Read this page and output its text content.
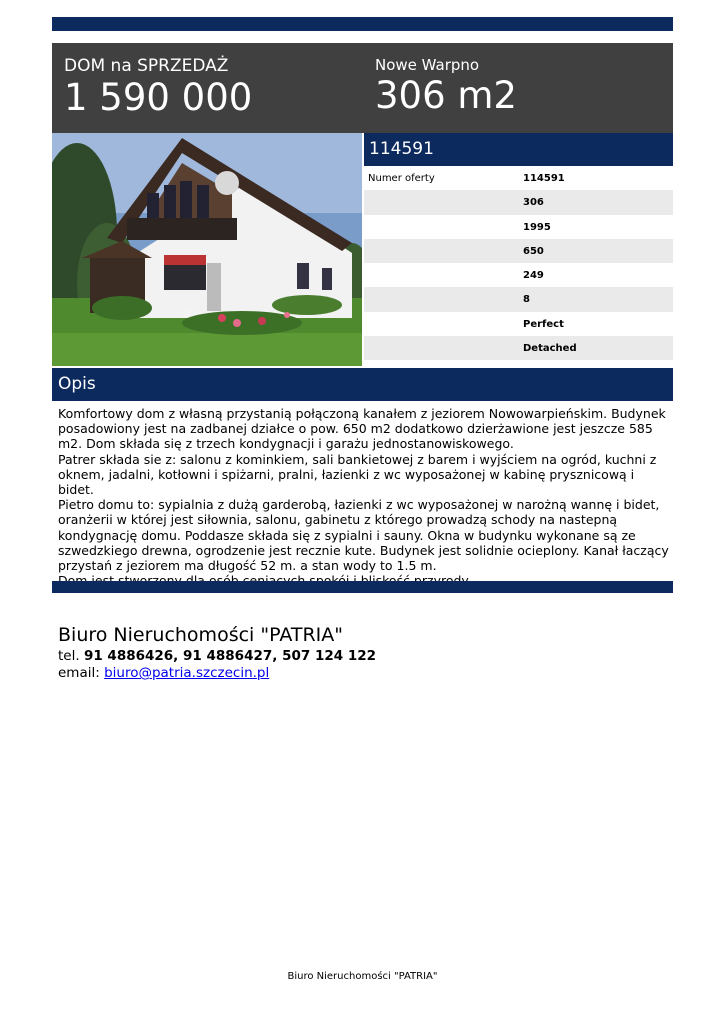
DOM na SPRZEDAŻ
1 590 000
Nowe Warpno
306 m2
114591
Numer oferty	114591
306
1995
650
249
8
Perfect
Detached
Opis

Komfortowy dom z własną przystanią połączoną kanałem z jeziorem Nowowarpieńskim. Budynek posadowiony jest na zadbanej działce o pow. 650 m2 dodatkowo dzierżawione jest jeszcze 585 m2. Dom składa się z trzech kondygnacji i garażu jednostanowiskowego.

Patrer składa sie z: salonu z kominkiem, sali bankietowej z barem i wyjściem na ogród, kuchni z oknem, jadalni, kotłowni i spiżarni, pralni, łazienki z wc wyposażonej w kabinę prysznicową i bidet.

Pietro domu to: sypialnia z dużą garderobą, łazienki z wc wyposażonej w narożną wannę i bidet, oranżerii w której jest siłownia, salonu, gabinetu z którego prowadzą schody na nastepną kondygnację domu. Poddasze składa się z sypialni i sauny. Okna w budynku wykonane są ze szwedzkiego drewna, ogrodzenie jest recznie kute. Budynek jest solidnie ocieplony. Kanał łaczący przystań z jeziorem ma długość 52 m. a stan wody to 1.5 m.

Biuro Nieruchomości "PATRIA"
tel. 91 4886426, 91 4886427, 507 124 122
email: biuro@patria.szczecin.pl
Biuro Nieruchomości "PATRIA"
